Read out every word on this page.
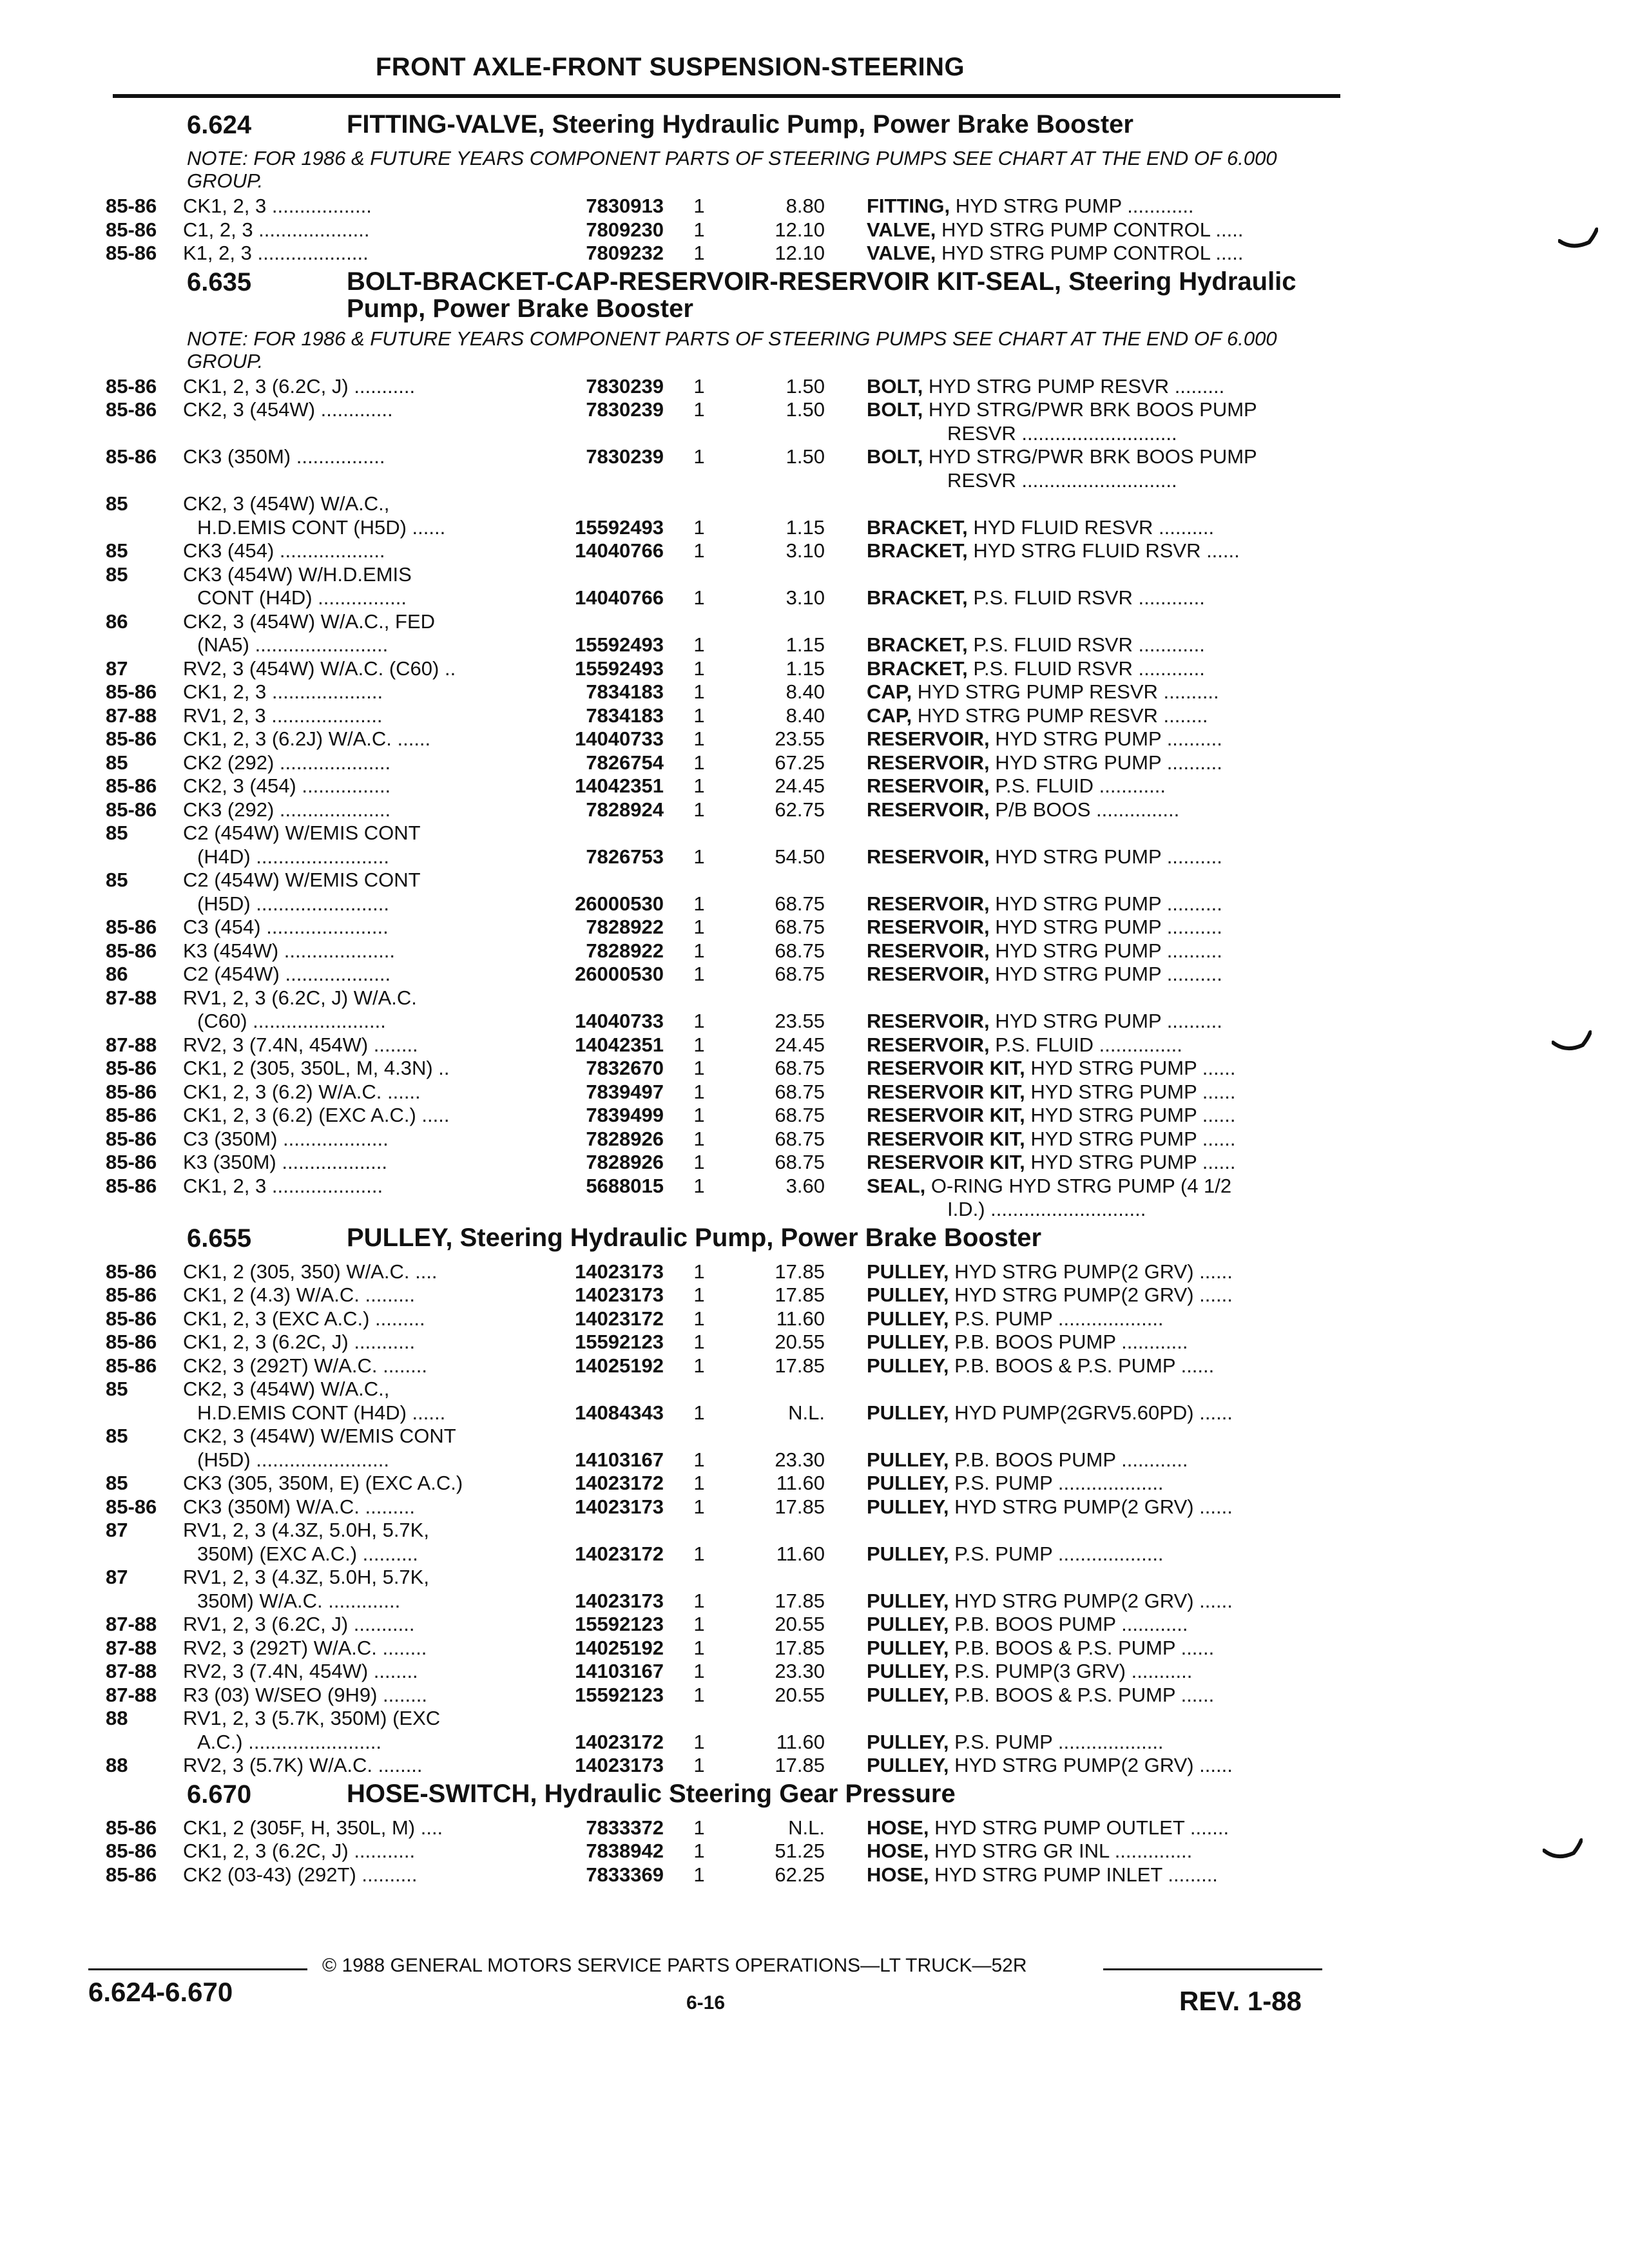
FRONT AXLE-FRONT SUSPENSION-STEERING
6.624	FITTING-VALVE, Steering Hydraulic Pump, Power Brake Booster
NOTE: FOR 1986 & FUTURE YEARS COMPONENT PARTS OF STEERING PUMPS SEE CHART AT THE END OF 6.000 GROUP.
85-86	CK1, 2, 3 ..................	7830913 1	8.80 FITTING, HYD STRG PUMP ............
85-86	C1, 2, 3 ....................	7809230 1	12.10 VALVE, HYD STRG PUMP CONTROL .....
85-86	K1, 2, 3 ....................	7809232 1	12.10 VALVE, HYD STRG PUMP CONTROL .....
6.635	BOLT-BRACKET-CAP-RESERVOIR-RESERVOIR KIT-SEAL, Steering Hydraulic Pump, Power Brake Booster
NOTE: FOR 1986 & FUTURE YEARS COMPONENT PARTS OF STEERING PUMPS SEE CHART AT THE END OF 6.000 GROUP.
85-86	CK1, 2, 3 (6.2C, J) ...........	7830239 1	1.50 BOLT, HYD STRG PUMP RESVR .........
85-86	CK2, 3 (454W) .............	7830239 1	1.50 BOLT, HYD STRG/PWR BRK BOOS PUMP
RESVR ............................
85-86	CK3 (350M) ................	7830239 1	1.50 BOLT, HYD STRG/PWR BRK BOOS PUMP
RESVR ............................
85	CK2, 3 (454W) W/A.C.,
H.D.EMIS CONT (H5D) ......	15592493 1	1.15 BRACKET, HYD FLUID RESVR ..........
85	CK3 (454) ...................	14040766 1	3.10 BRACKET, HYD STRG FLUID RSVR ......
85	CK3 (454W) W/H.D.EMIS
CONT (H4D) ................	14040766 1	3.10 BRACKET, P.S. FLUID RSVR ............
86	CK2, 3 (454W) W/A.C., FED
(NA5) ........................	15592493 1	1.15 BRACKET, P.S. FLUID RSVR ............
87	RV2, 3 (454W) W/A.C. (C60) ..	15592493 1	1.15 BRACKET, P.S. FLUID RSVR ............
85-86	CK1, 2, 3 ....................	7834183 1	8.40 CAP, HYD STRG PUMP RESVR ..........
87-88	RV1, 2, 3 ....................	7834183 1	8.40 CAP, HYD STRG PUMP RESVR ........
85-86	CK1, 2, 3 (6.2J) W/A.C. ......	14040733 1	23.55 RESERVOIR, HYD STRG PUMP ..........
85	CK2 (292) ....................	7826754 1	67.25 RESERVOIR, HYD STRG PUMP ..........
85-86	CK2, 3 (454) ................	14042351 1	24.45 RESERVOIR, P.S. FLUID ............
85-86	CK3 (292) ....................	7828924 1	62.75 RESERVOIR, P/B BOOS ...............
85	C2 (454W) W/EMIS CONT
(H4D) ........................	7826753 1	54.50 RESERVOIR, HYD STRG PUMP ..........
85	C2 (454W) W/EMIS CONT
(H5D) ........................	26000530 1	68.75 RESERVOIR, HYD STRG PUMP ..........
85-86	C3 (454) ......................	7828922 1	68.75 RESERVOIR, HYD STRG PUMP ..........
85-86	K3 (454W) ....................	7828922 1	68.75 RESERVOIR, HYD STRG PUMP ..........
86	C2 (454W) ...................	26000530 1	68.75 RESERVOIR, HYD STRG PUMP ..........
87-88	RV1, 2, 3 (6.2C, J) W/A.C.
(C60) ........................	14040733 1	23.55 RESERVOIR, HYD STRG PUMP ..........
87-88	RV2, 3 (7.4N, 454W) ........	14042351 1	24.45 RESERVOIR, P.S. FLUID ...............
85-86	CK1, 2 (305, 350L, M, 4.3N) ..	7832670 1	68.75 RESERVOIR KIT, HYD STRG PUMP ......
85-86	CK1, 2, 3 (6.2) W/A.C. ......	7839497 1	68.75 RESERVOIR KIT, HYD STRG PUMP ......
85-86	CK1, 2, 3 (6.2) (EXC A.C.) .....	7839499 1	68.75 RESERVOIR KIT, HYD STRG PUMP ......
85-86	C3 (350M) ...................	7828926 1	68.75 RESERVOIR KIT, HYD STRG PUMP ......
85-86	K3 (350M) ...................	7828926 1	68.75 RESERVOIR KIT, HYD STRG PUMP ......
85-86	CK1, 2, 3 ....................	5688015 1	3.60 SEAL, O-RING HYD STRG PUMP (4 1/2
I.D.) ............................
6.655	PULLEY, Steering Hydraulic Pump, Power Brake Booster
85-86	CK1, 2 (305, 350) W/A.C. ....	14023173 1	17.85 PULLEY, HYD STRG PUMP(2 GRV) ......
85-86	CK1, 2 (4.3) W/A.C. .........	14023173 1	17.85 PULLEY, HYD STRG PUMP(2 GRV) ......
85-86	CK1, 2, 3 (EXC A.C.) .........	14023172 1	11.60 PULLEY, P.S. PUMP ...................
85-86	CK1, 2, 3 (6.2C, J) ...........	15592123 1	20.55 PULLEY, P.B. BOOS PUMP ............
85-86	CK2, 3 (292T) W/A.C. ........	14025192 1	17.85 PULLEY, P.B. BOOS & P.S. PUMP ......
85	CK2, 3 (454W) W/A.C.,
H.D.EMIS CONT (H4D) ......	14084343 1	N.L. PULLEY, HYD PUMP(2GRV5.60PD) ......
85	CK2, 3 (454W) W/EMIS CONT
(H5D) ........................	14103167 1	23.30 PULLEY, P.B. BOOS PUMP ............
85	CK3 (305, 350M, E) (EXC A.C.)	14023172 1	11.60 PULLEY, P.S. PUMP ...................
85-86	CK3 (350M) W/A.C. .........	14023173 1	17.85 PULLEY, HYD STRG PUMP(2 GRV) ......
87	RV1, 2, 3 (4.3Z, 5.0H, 5.7K,
350M) (EXC A.C.) ..........	14023172 1	11.60 PULLEY, P.S. PUMP ...................
87	RV1, 2, 3 (4.3Z, 5.0H, 5.7K,
350M) W/A.C. .............	14023173 1	17.85 PULLEY, HYD STRG PUMP(2 GRV) ......
87-88	RV1, 2, 3 (6.2C, J) ...........	15592123 1	20.55 PULLEY, P.B. BOOS PUMP ............
87-88	RV2, 3 (292T) W/A.C. ........	14025192 1	17.85 PULLEY, P.B. BOOS & P.S. PUMP ......
87-88	RV2, 3 (7.4N, 454W) ........	14103167 1	23.30 PULLEY, P.S. PUMP(3 GRV) ...........
87-88	R3 (03) W/SEO (9H9) ........	15592123 1	20.55 PULLEY, P.B. BOOS & P.S. PUMP ......
88	RV1, 2, 3 (5.7K, 350M) (EXC
A.C.) ........................	14023172 1	11.60 PULLEY, P.S. PUMP ...................
88	RV2, 3 (5.7K) W/A.C. ........	14023173 1	17.85 PULLEY, HYD STRG PUMP(2 GRV) ......
6.670	HOSE-SWITCH, Hydraulic Steering Gear Pressure
85-86	CK1, 2 (305F, H, 350L, M) ....	7833372 1	N.L. HOSE, HYD STRG PUMP OUTLET .......
85-86	CK1, 2, 3 (6.2C, J) ...........	7838942 1	51.25 HOSE, HYD STRG GR INL ..............
85-86	CK2 (03-43) (292T) ..........	7833369 1	62.25 HOSE, HYD STRG PUMP INLET .........
© 1988 GENERAL MOTORS SERVICE PARTS OPERATIONS—LT TRUCK—52R
6.624-6.670	6-16	REV. 1-88
